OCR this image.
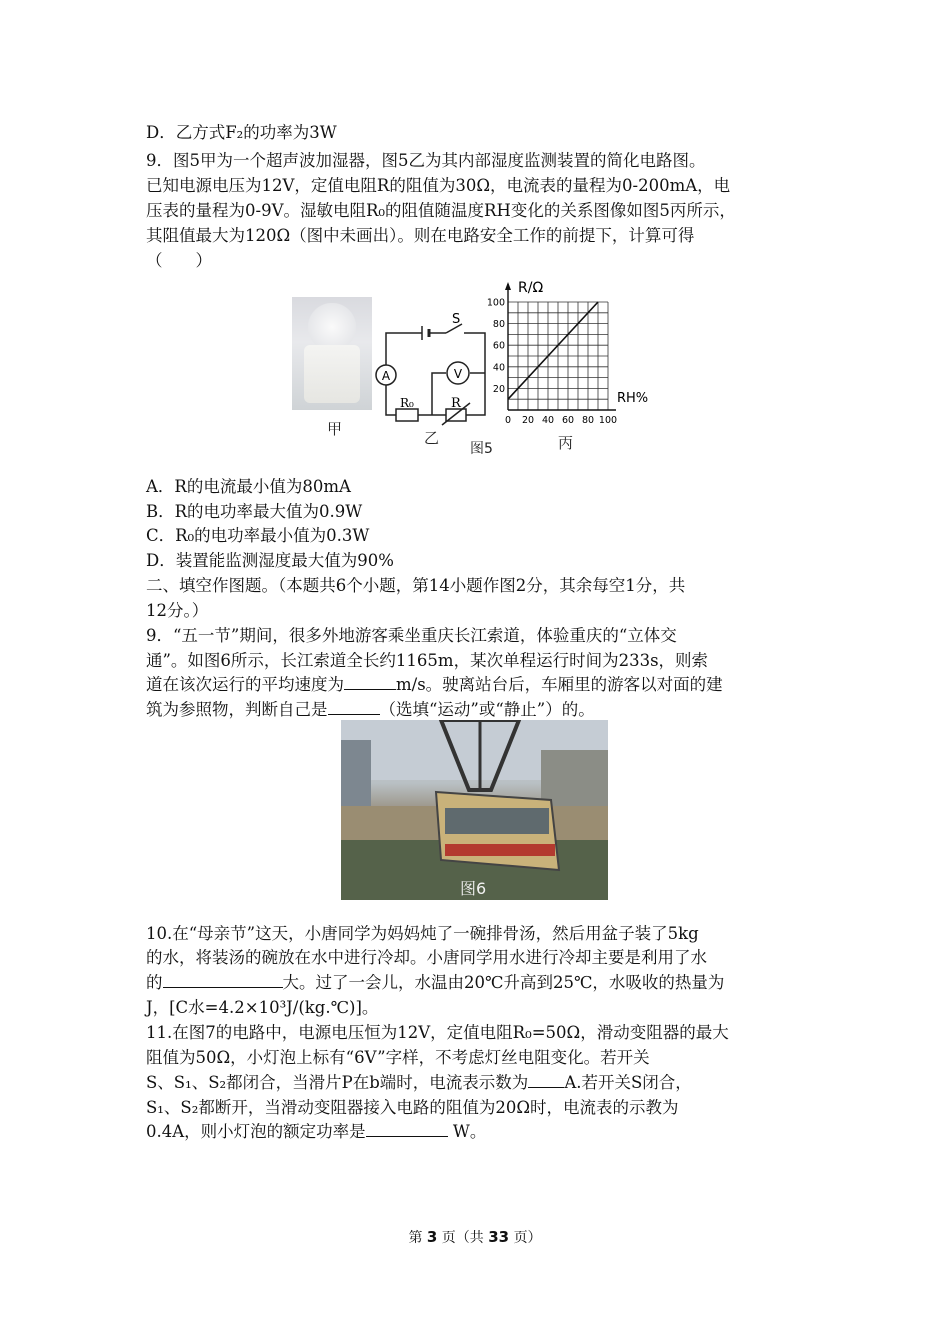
D．乙方式F₂的功率为3W
9．图5甲为一个超声波加湿器，图5乙为其内部湿度监测装置的简化电路图。
已知电源电压为12V，定值电阻R的阻值为30Ω，电流表的量程为0-200mA，电
压表的量程为0-9V。湿敏电阻R₀的阻值随温度RH变化的关系图像如图5丙所示，
其阻值最大为120Ω（图中未画出）。则在电路安全工作的前提下，计算可得
（　　）
甲
A	V
S
R₀	R
乙
图5
0 20 40 60 80 100
20
40
60
80
100
R/Ω
RH%
丙
A．R的电流最小值为80mA
B．R的电功率最大值为0.9W
C．R₀的电功率最小值为0.3W
D．装置能监测湿度最大值为90%
二、填空作图题。（本题共6个小题，第14小题作图2分，其余每空1分，共
12分。）
9．“五一节”期间，很多外地游客乘坐重庆长江索道，体验重庆的“立体交
通”。如图6所示，长江索道全长约1165m，某次单程运行时间为233s，则索
道在该次运行的平均速度为	m/s。驶离站台后，车厢里的游客以对面的建
筑为参照物，判断自己是	（选填“运动”或“静止”）的。
图6
10.在“母亲节”这天，小唐同学为妈妈炖了一碗排骨汤，然后用盆子装了5kg
的水，将装汤的碗放在水中进行冷却。小唐同学用水进行冷却主要是利用了水
的	大。过了一会儿，水温由20℃升高到25℃，水吸收的热量为
J，[C水=4.2×10³J/(kg.℃)]。
11.在图7的电路中，电源电压恒为12V，定值电阻R₀=50Ω，滑动变阻器的最大
阻值为50Ω，小灯泡上标有“6V”字样，不考虑灯丝电阻变化。若开关
S、S₁、S₂都闭合，当滑片P在b端时，电流表示数为 A.若开关S闭合，
S₁、S₂都断开，当滑动变阻器接入电路的阻值为20Ω时，电流表的示教为
0.4A，则小灯泡的额定功率是	W。
第 3 页（共 33 页）
